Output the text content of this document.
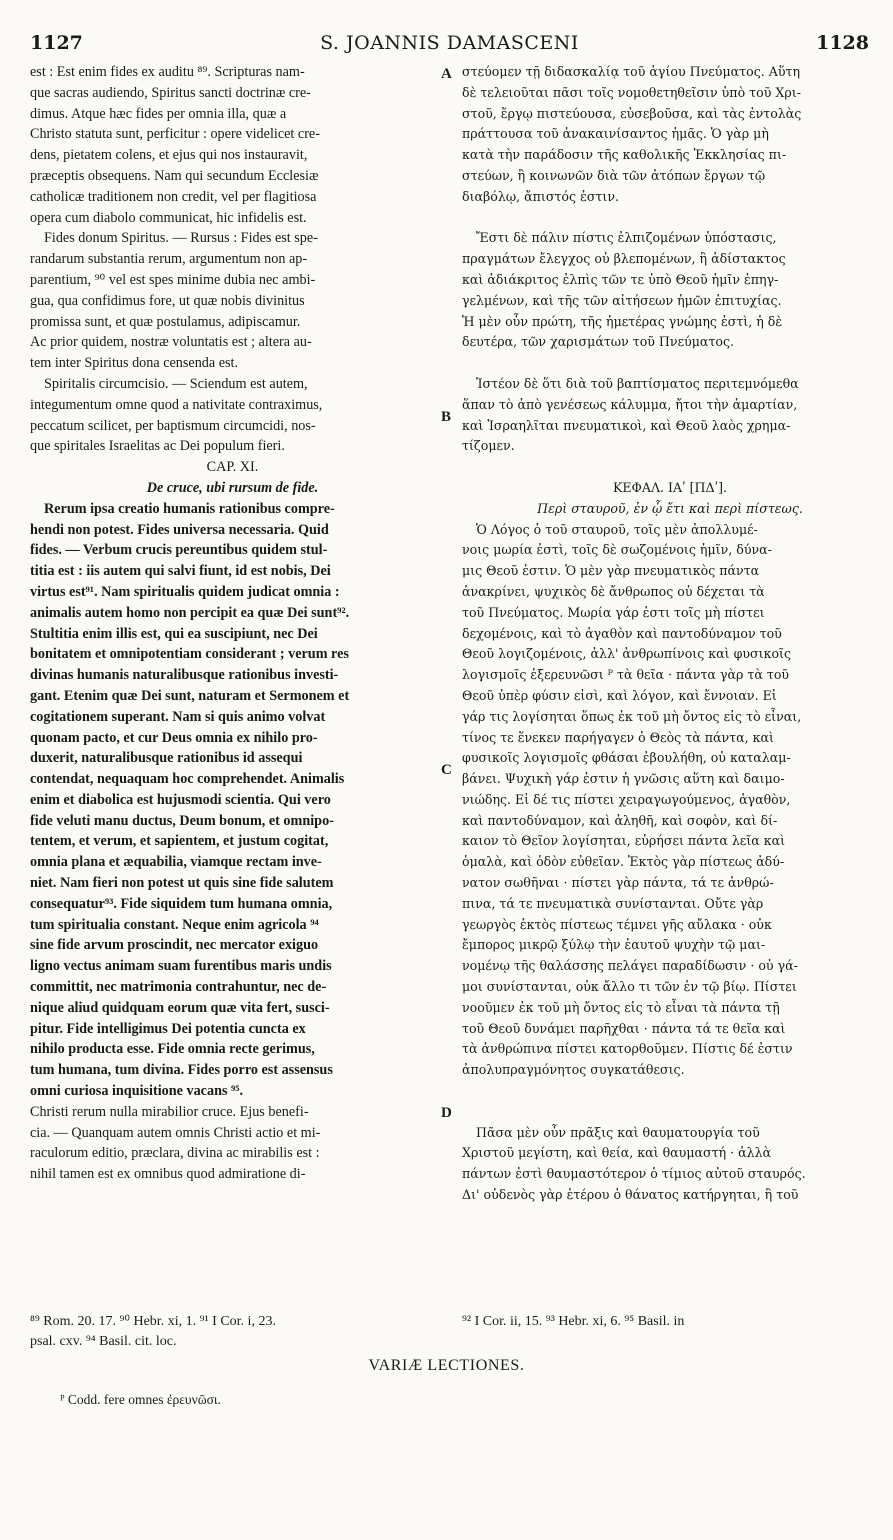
1127	S. JOANNIS DAMASCENI	1128
A
B
C
D

est : Est enim fides ex auditu ⁸⁹. Scripturas nam-

que sacras audiendo, Spiritus sancti doctrinæ cre-

dimus. Atque hæc fides per omnia illa, quæ a

Christo statuta sunt, perficitur : opere videlicet cre-

dens, pietatem colens, et ejus qui nos instauravit,

præceptis obsequens. Nam qui secundum Ecclesiæ

catholicæ traditionem non credit, vel per flagitiosa

opera cum diabolo communicat, hic infidelis est.

Fides donum Spiritus. — Rursus : Fides est spe-

randarum substantia rerum, argumentum non ap-

parentium, ⁹⁰ vel est spes minime dubia nec ambi-

gua, qua confidimus fore, ut quæ nobis divinitus

promissa sunt, et quæ postulamus, adipiscamur.

Ac prior quidem, nostræ voluntatis est ; altera au-

tem inter Spiritus dona censenda est.

Spiritalis circumcisio. — Sciendum est autem,

integumentum omne quod a nativitate contraximus,

peccatum scilicet, per baptismum circumcidi, nos-

que spiritales Israelitas ac Dei populum fieri.

CAP. XI.

De cruce, ubi rursum de fide.

Rerum ipsa creatio humanis rationibus compre-

hendi non potest. Fides universa necessaria. Quid

fides. — Verbum crucis pereuntibus quidem stul-

titia est : iis autem qui salvi fiunt, id est nobis, Dei

virtus est⁹¹. Nam spiritualis quidem judicat omnia :

animalis autem homo non percipit ea quæ Dei sunt⁹².

Stultitia enim illis est, qui ea suscipiunt, nec Dei

bonitatem et omnipotentiam considerant ; verum res

divinas humanis naturalibusque rationibus investi-

gant. Etenim quæ Dei sunt, naturam et Sermonem et

cogitationem superant. Nam si quis animo volvat

quonam pacto, et cur Deus omnia ex nihilo pro-

duxerit, naturalibusque rationibus id assequi

contendat, nequaquam hoc comprehendet. Animalis

enim et diabolica est hujusmodi scientia. Qui vero

fide veluti manu ductus, Deum bonum, et omnipo-

tentem, et verum, et sapientem, et justum cogitat,

omnia plana et æquabilia, viamque rectam inve-

niet. Nam fieri non potest ut quis sine fide salutem

consequatur⁹³. Fide siquidem tum humana omnia,

tum spiritualia constant. Neque enim agricola ⁹⁴

sine fide arvum proscindit, nec mercator exiguo

ligno vectus animam suam furentibus maris undis

committit, nec matrimonia contrahuntur, nec de-

nique aliud quidquam eorum quæ vita fert, susci-

pitur. Fide intelligimus Dei potentia cuncta ex

nihilo producta esse. Fide omnia recte gerimus,

tum humana, tum divina. Fides porro est assensus

omni curiosa inquisitione vacans ⁹⁵.

Christi rerum nulla mirabilior cruce. Ejus benefi-

cia. — Quanquam autem omnis Christi actio et mi-

raculorum editio, præclara, divina ac mirabilis est :

nihil tamen est ex omnibus quod admiratione di-

στεύομεν τῇ διδασκαλίᾳ τοῦ ἁγίου Πνεύματος. Αὕτη

δὲ τελειοῦται πᾶσι τοῖς νομοθετηθεῖσιν ὑπὸ τοῦ Χρι-

στοῦ, ἔργῳ πιστεύουσα, εὐσεβοῦσα, καὶ τὰς ἐντολὰς

πράττουσα τοῦ ἀνακαινίσαντος ἡμᾶς. Ὁ γὰρ μὴ

κατὰ τὴν παράδοσιν τῆς καθολικῆς Ἐκκλησίας πι-

στεύων, ἢ κοινωνῶν διὰ τῶν ἀτόπων ἔργων τῷ

διαβόλῳ, ἄπιστός ἐστιν.

Ἔστι δὲ πάλιν πίστις ἐλπιζομένων ὑπόστασις,

πραγμάτων ἔλεγχος οὐ βλεπομένων, ἢ ἀδίστακτος

καὶ ἀδιάκριτος ἐλπὶς τῶν τε ὑπὸ Θεοῦ ἡμῖν ἐπηγ-

γελμένων, καὶ τῆς τῶν αἰτήσεων ἡμῶν ἐπιτυχίας.

Ἡ μὲν οὖν πρώτη, τῆς ἡμετέρας γνώμης ἐστὶ, ἡ δὲ

δευτέρα, τῶν χαρισμάτων τοῦ Πνεύματος.

Ἰστέον δὲ ὅτι διὰ τοῦ βαπτίσματος περιτεμνόμεθα

ἅπαν τὸ ἀπὸ γενέσεως κάλυμμα, ἤτοι τὴν ἁμαρτίαν,

καὶ Ἰσραηλῖται πνευματικοὶ, καὶ Θεοῦ λαὸς χρημα-

τίζομεν.

ΚΕΦΑΛ. ΙΑʹ [ΠΔʹ].

Περὶ σταυροῦ, ἐν ᾧ ἔτι καὶ περὶ πίστεως.

Ὁ Λόγος ὁ τοῦ σταυροῦ, τοῖς μὲν ἀπολλυμέ-

νοις μωρία ἐστὶ, τοῖς δὲ σωζομένοις ἡμῖν, δύνα-

μις Θεοῦ ἐστιν. Ὁ μὲν γὰρ πνευματικὸς πάντα

ἀνακρίνει, ψυχικὸς δὲ ἄνθρωπος οὐ δέχεται τὰ

τοῦ Πνεύματος. Μωρία γάρ ἐστι τοῖς μὴ πίστει

δεχομένοις, καὶ τὸ ἀγαθὸν καὶ παντοδύναμον τοῦ

Θεοῦ λογιζομένοις, ἀλλ' ἀνθρωπίνοις καὶ φυσικοῖς

λογισμοῖς ἐξερευνῶσι ᴾ τὰ θεῖα · πάντα γὰρ τὰ τοῦ

Θεοῦ ὑπὲρ φύσιν εἰσὶ, καὶ λόγον, καὶ ἔννοιαν. Εἰ

γάρ τις λογίσηται ὅπως ἐκ τοῦ μὴ ὄντος εἰς τὸ εἶναι,

τίνος τε ἕνεκεν παρήγαγεν ὁ Θεὸς τὰ πάντα, καὶ

φυσικοῖς λογισμοῖς φθάσαι ἐβουλήθη, οὐ καταλαμ-

βάνει. Ψυχικὴ γάρ ἐστιν ἡ γνῶσις αὕτη καὶ δαιμο-

νιώδης. Εἰ δέ τις πίστει χειραγωγούμενος, ἀγαθὸν,

καὶ παντοδύναμον, καὶ ἀληθῆ, καὶ σοφὸν, καὶ δί-

καιον τὸ Θεῖον λογίσηται, εὑρήσει πάντα λεῖα καὶ

ὁμαλὰ, καὶ ὁδὸν εὐθεῖαν. Ἐκτὸς γὰρ πίστεως ἀδύ-

νατον σωθῆναι · πίστει γὰρ πάντα, τά τε ἀνθρώ-

πινα, τά τε πνευματικὰ συνίστανται. Οὔτε γὰρ

γεωργὸς ἐκτὸς πίστεως τέμνει γῆς αὔλακα · οὐκ

ἔμπορος μικρῷ ξύλῳ τὴν ἑαυτοῦ ψυχὴν τῷ μαι-

νομένῳ τῆς θαλάσσης πελάγει παραδίδωσιν · οὐ γά-

μοι συνίστανται, οὐκ ἄλλο τι τῶν ἐν τῷ βίῳ. Πίστει

νοοῦμεν ἐκ τοῦ μὴ ὄντος εἰς τὸ εἶναι τὰ πάντα τῇ

τοῦ Θεοῦ δυνάμει παρῆχθαι · πάντα τά τε θεῖα καὶ

τὰ ἀνθρώπινα πίστει κατορθοῦμεν. Πίστις δέ ἐστιν

ἀπολυπραγμόνητος συγκατάθεσις.

Πᾶσα μὲν οὖν πρᾶξις καὶ θαυματουργία τοῦ

Χριστοῦ μεγίστη, καὶ θεία, καὶ θαυμαστή · ἀλλὰ

πάντων ἐστὶ θαυμαστότερον ὁ τίμιος αὐτοῦ σταυρός.

Δι' οὐδενὸς γὰρ ἑτέρου ὁ θάνατος κατήργηται, ἢ τοῦ

⁸⁹ Rom. 20. 17. ⁹⁰ Hebr. xi, 1. ⁹¹ I Cor. i, 23.

psal. cxv. ⁹⁴ Basil. cit. loc.

⁹² I Cor. ii, 15. ⁹³ Hebr. xi, 6. ⁹⁵ Basil. in

VARIÆ LECTIONES.
ᴾ Codd. fere omnes ἐρευνῶσι.
